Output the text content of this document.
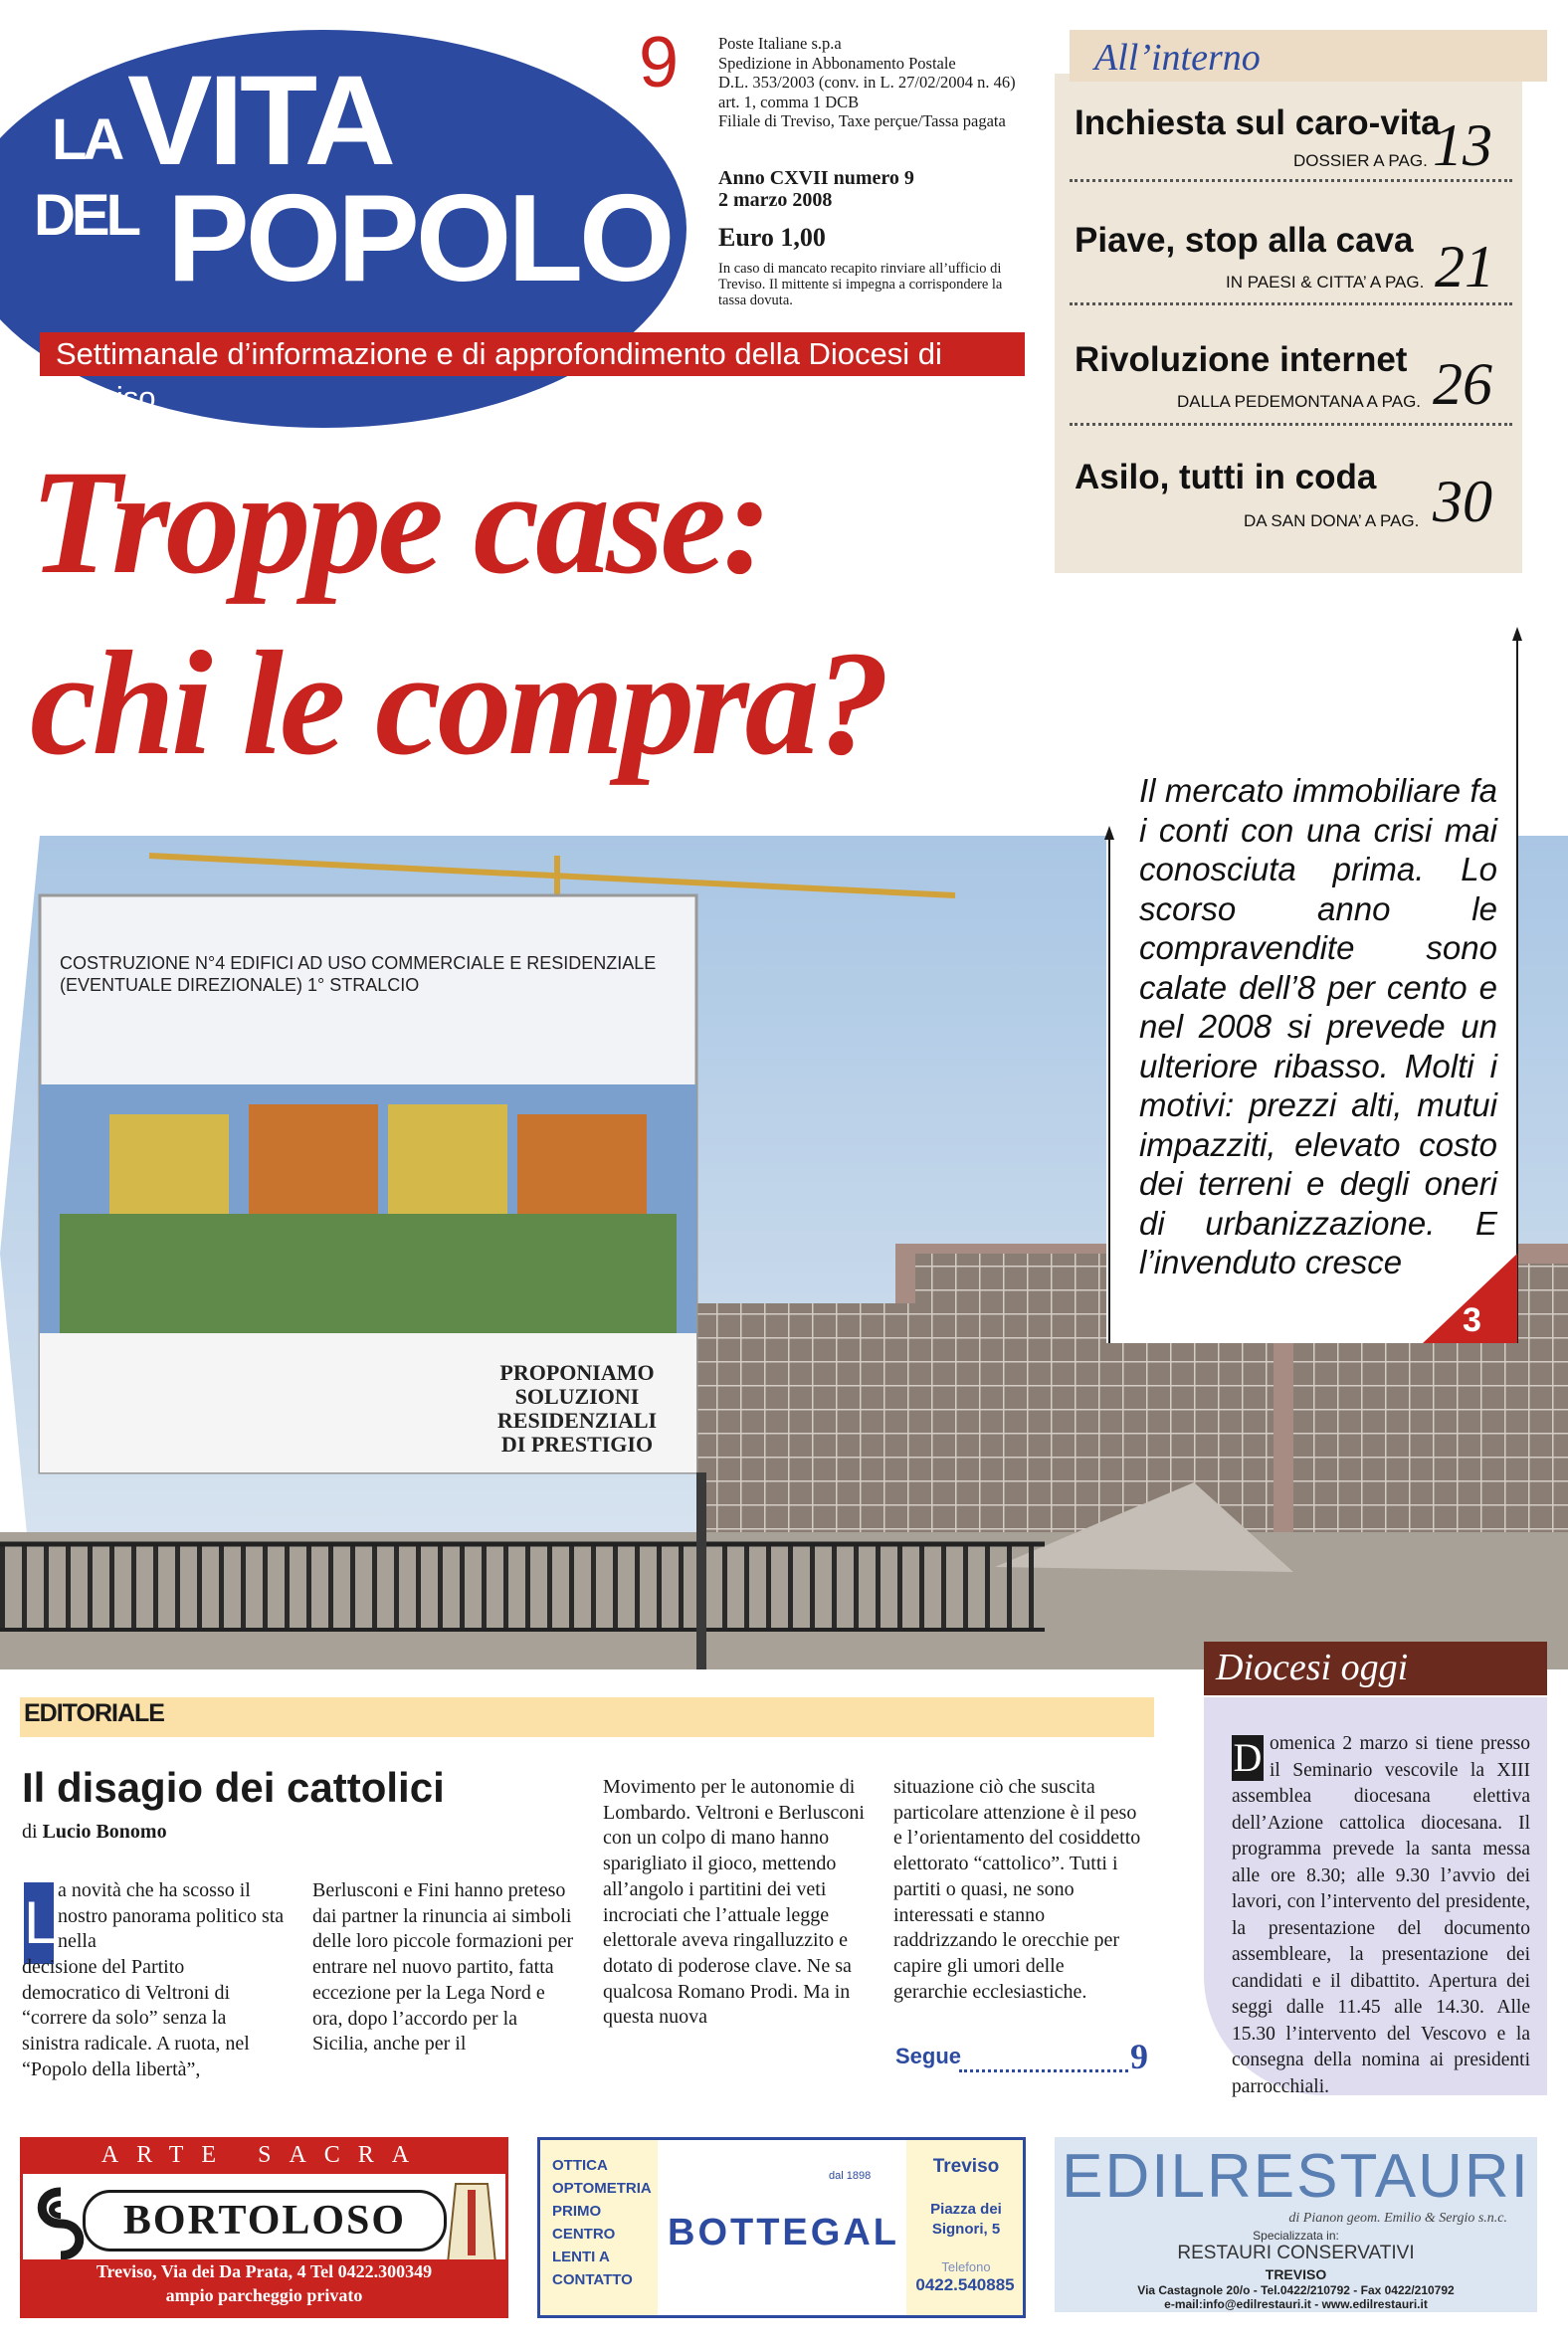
LA VITA
DEL POPOLO
Settimanale d’informazione e di approfondimento della Diocesi di Treviso
9 Poste Italiane s.p.a
Spedizione in Abbonamento Postale
D.L. 353/2003 (conv. in L. 27/02/2004 n. 46)
art. 1, comma 1 DCB
Filiale di Treviso, Taxe perçue/Tassa pagata
Anno CXVII numero 9
2 marzo 2008
Euro 1,00
In caso di mancato recapito rinviare all’ufficio di Treviso. Il mittente si impegna a corrispondere la tassa dovuta.
All’interno
Inchiesta sul caro-vita
DOSSIER A PAG. 13
Piave, stop alla cava
IN PAESI & CITTA’ A PAG. 21
Rivoluzione internet
DALLA PEDEMONTANA A PAG. 26
Asilo, tutti in coda
DA SAN DONA’ A PAG. 30
Troppe case:
chi le compra?
COSTRUZIONE N°4 EDIFICI AD USO COMMERCIALE E RESIDENZIALE
(EVENTUALE DIREZIONALE) 1° STRALCIO
PROPONIAMO
SOLUZIONI
RESIDENZIALI
DI PRESTIGIO
Il mercato immobiliare fa i conti con una crisi mai conosciuta prima. Lo scorso anno le compravendite sono calate dell’8 per cento e nel 2008 si prevede un ulteriore ribasso. Molti i motivi: prezzi alti, mutui impazziti, elevato costo dei terreni e degli oneri di urbanizzazione. E l’invenduto cresce
3
EDITORIALE
Il disagio dei cattolici
di Lucio Bonomo
L a novità che ha scosso il nostro panorama politico sta nella
decisione del Partito democratico di Veltroni di “correre da solo” senza la sinistra radicale. A ruota, nel “Popolo della libertà”,
Berlusconi e Fini hanno preteso dai partner la rinuncia ai simboli delle loro piccole formazioni per entrare nel nuovo partito, fatta eccezione per la Lega Nord e ora, dopo l’accordo per la Sicilia, anche per il
Movimento per le autonomie di Lombardo. Veltroni e Berlusconi con un colpo di mano hanno sparigliato il gioco, mettendo all’angolo i partitini dei veti incrociati che l’attuale legge elettorale aveva ringalluzzito e dotato di poderose clave. Ne sa qualcosa Romano Prodi. Ma in questa nuova
situazione ciò che suscita particolare attenzione è il peso e l’orientamento del cosiddetto elettorato “cattolico”. Tutti i partiti o quasi, ne sono interessati e stanno raddrizzando le orecchie per capire gli umori delle gerarchie ecclesiastiche.
Segue	9
Diocesi oggi
D omenica 2 marzo si tiene presso il Seminario vescovile la XIII assemblea diocesana elettiva dell’Azione cattolica diocesana. Il programma prevede la santa messa alle ore 8.30; alle 9.30 l’avvio dei lavori, con l’intervento del presidente, la presentazione del documento assembleare, la presentazione dei candidati e il dibattito. Apertura dei seggi dalle 11.45 alle 14.30. Alle 15.30 l’intervento del Vescovo e la consegna della nomina ai presidenti parrocchiali.
ARTE SACRA
BORTOLOSO
Treviso, Via dei Da Prata, 4 Tel 0422.300349
ampio parcheggio privato
OTTICA
OPTOMETRIA
PRIMO
CENTRO
LENTI A
CONTATTO
dal 1898
BOTTEGAL
Treviso
Piazza dei Signori, 5
Telefono
0422.540885
EDILRESTAURI
di Pianon geom. Emilio & Sergio s.n.c.
Specializzata in:
RESTAURI CONSERVATIVI
TREVISO
Via Castagnole 20/o - Tel.0422/210792 - Fax 0422/210792
e-mail:info@edilrestauri.it - www.edilrestauri.it
